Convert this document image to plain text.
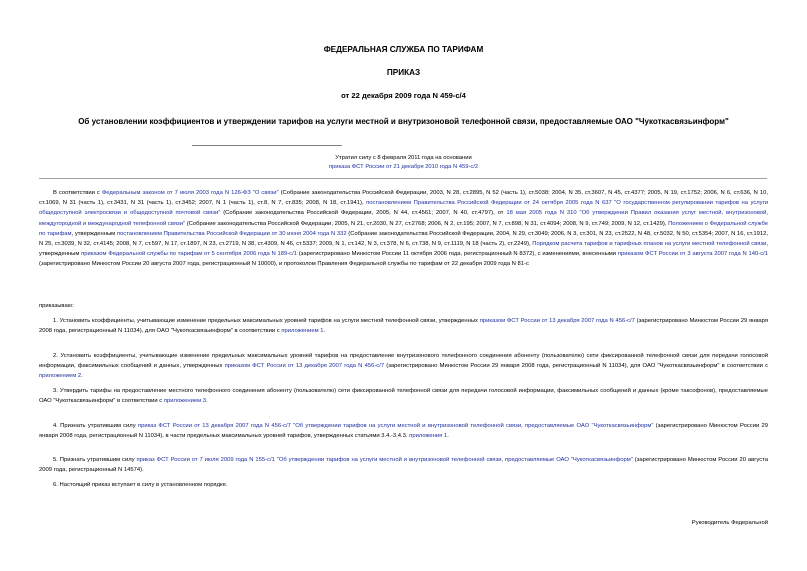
ФЕДЕРАЛЬНАЯ СЛУЖБА ПО ТАРИФАМ
ПРИКАЗ
от 22 декабря 2009 года N 459-с/4
Об установлении коэффициентов и утверждении тарифов на услуги местной и внутризоновой телефонной связи, предоставляемые ОАО "Чукоткасвязьинформ"
Утратил силу с 8 февраля 2011 года на основании
приказа ФСТ России от 21 декабря 2010 года N 459-с/2

В соответствии с Федеральным законом от 7 июля 2003 года N 126-ФЗ "О связи" (Собрание законодательства Российской Федерации, 2003, N 28, ст.2895, N 52 (часть 1), ст.5038; 2004, N 35, ст.3607, N 45, ст.4377; 2005, N 19, ст.1752; 2006, N 6, ст.636, N 10, ст.1069, N 31 (часть 1), ст.3431, N 31 (часть 1), ст.3452; 2007, N 1 (часть 1), ст.8, N 7, ст.835; 2008, N 18, ст.1941), постановлением Правительства Российской Федерации от 24 октября 2005 года N 637 "О государственном регулировании тарифов на услуги общедоступной электросвязи и общедоступной почтовой связи" (Собрание законодательства Российской Федерации, 2005, N 44, ст.4561; 2007, N 40, ст.4797), от 18 мая 2005 года N 310 "Об утверждении Правил оказания услуг местной, внутризоновой, междугородной и международной телефонной связи" (Собрание законодательства Российской Федерации, 2005, N 21, ст.2030, N 27, ст.2768; 2006, N 2, ст.195; 2007, N 7, ст.898, N 31, ст.4094; 2008, N 9, ст.749; 2009, N 12, ст.1429), Положением о Федеральной службе по тарифам, утвержденным постановлением Правительства Российской Федерации от 30 июня 2004 года N 332 (Собрание законодательства Российской Федерации, 2004, N 29, ст.3049; 2006, N 3, ст.301, N 23, ст.2522, N 48, ст.5032, N 50, ст.5354; 2007, N 16, ст.1912, N 25, ст.3039, N 32, ст.4145; 2008, N 7, ст.597, N 17, ст.1897, N 23, ст.2719, N 38, ст.4309, N 46, ст.5337; 2009, N 1, ст.142, N 3, ст.378, N 6, ст.738, N 9, ст.1119, N 18 (часть 2), ст.2249), Порядком расчета тарифов и тарифных планов на услуги местной телефонной связи, утвержденным приказом Федеральной службы по тарифам от 5 сентября 2006 года N 189-с/1 (зарегистрировано Минюстом России 11 октября 2006 года, регистрационный N 8372), с изменениями, внесенными приказом ФСТ России от 3 августа 2007 года N 140-с/1 (зарегистрировано Минюстом России 20 августа 2007 года, регистрационный N 10000), и протоколом Правления Федеральной службы по тарифам от 22 декабря 2009 года N 81-с

приказываю:

1. Установить коэффициенты, учитывающие изменение предельных максимальных уровней тарифов на услуги местной телефонной связи, утвержденных приказом ФСТ России от 13 декабря 2007 года N 456-с/7 (зарегистрировано Минюстом России 29 января 2008 года, регистрационный N 11034), для ОАО "Чукоткасвязьинформ" в соответствии с приложением 1.

2. Установить коэффициенты, учитывающие изменение предельных максимальных уровней тарифов на предоставление внутризонового телефонного соединения абоненту (пользователю) сети фиксированной телефонной связи для передачи голосовой информации, факсимильных сообщений и данных, утвержденных приказом ФСТ России от 13 декабря 2007 года N 456-с/7 (зарегистрировано Минюстом России 29 января 2008 года, регистрационный N 11034), для ОАО "Чукоткасвязьинформ" в соответствии с приложением 2.

3. Утвердить тарифы на предоставление местного телефонного соединения абоненту (пользователю) сети фиксированной телефонной связи для передачи голосовой информации, факсимильных сообщений и данных (кроме таксофонов), предоставляемые ОАО "Чукоткасвязьинформ" в соответствии с приложением 3.

4. Признать утратившим силу приказ ФСТ России от 13 декабря 2007 года N 456-с/7 "Об утверждении тарифов на услуги местной и внутризоновой телефонной связи, предоставляемые ОАО "Чукоткасвязьинформ" (зарегистрировано Минюстом России 29 января 2008 года, регистрационный N 11034), в части предельных максимальных уровней тарифов, утвержденных статьями 3.4.-3.4.3. приложения 1.

5. Признать утратившим силу приказ ФСТ России от 7 июля 2009 года N 155-с/1 "Об утверждении тарифов на услуги местной и внутризоновой телефонной связи, предоставляемые ОАО "Чукоткасвязьинформ" (зарегистрировано Минюстом России 20 августа 2009 года, регистрационный N 14574).

6. Настоящий приказ вступает в силу в установленном порядке.

Руководитель Федеральной
